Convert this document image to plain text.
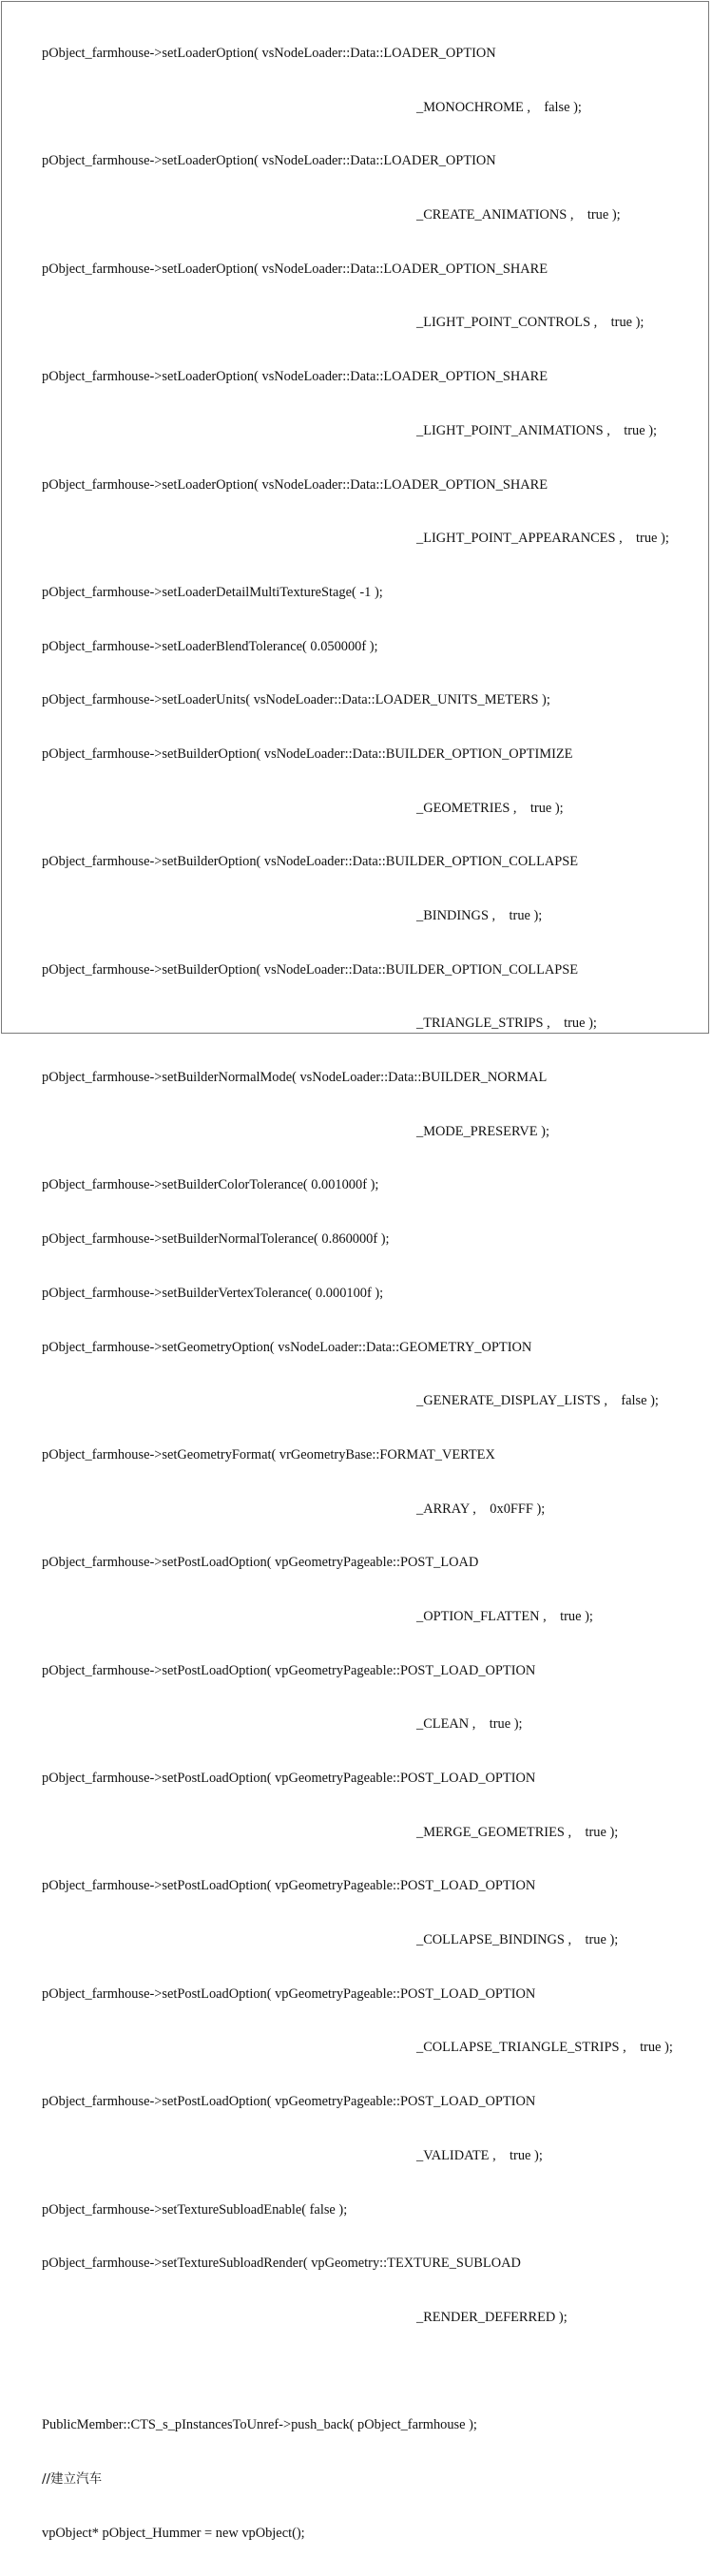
pObject_farmhouse->setLoaderOption( vsNodeLoader::Data::LOADER_OPTION

_MONOCHROME ,    false );

pObject_farmhouse->setLoaderOption( vsNodeLoader::Data::LOADER_OPTION

_CREATE_ANIMATIONS ,    true );

pObject_farmhouse->setLoaderOption( vsNodeLoader::Data::LOADER_OPTION_SHARE

_LIGHT_POINT_CONTROLS ,    true );

pObject_farmhouse->setLoaderOption( vsNodeLoader::Data::LOADER_OPTION_SHARE

_LIGHT_POINT_ANIMATIONS ,    true );

pObject_farmhouse->setLoaderOption( vsNodeLoader::Data::LOADER_OPTION_SHARE

_LIGHT_POINT_APPEARANCES ,    true );

pObject_farmhouse->setLoaderDetailMultiTextureStage( -1 );

pObject_farmhouse->setLoaderBlendTolerance( 0.050000f );

pObject_farmhouse->setLoaderUnits( vsNodeLoader::Data::LOADER_UNITS_METERS );

pObject_farmhouse->setBuilderOption( vsNodeLoader::Data::BUILDER_OPTION_OPTIMIZE

_GEOMETRIES ,    true );

pObject_farmhouse->setBuilderOption( vsNodeLoader::Data::BUILDER_OPTION_COLLAPSE

_BINDINGS ,    true );

pObject_farmhouse->setBuilderOption( vsNodeLoader::Data::BUILDER_OPTION_COLLAPSE

_TRIANGLE_STRIPS ,    true );

pObject_farmhouse->setBuilderNormalMode( vsNodeLoader::Data::BUILDER_NORMAL

_MODE_PRESERVE );

pObject_farmhouse->setBuilderColorTolerance( 0.001000f );

pObject_farmhouse->setBuilderNormalTolerance( 0.860000f );

pObject_farmhouse->setBuilderVertexTolerance( 0.000100f );

pObject_farmhouse->setGeometryOption( vsNodeLoader::Data::GEOMETRY_OPTION

_GENERATE_DISPLAY_LISTS ,    false );

pObject_farmhouse->setGeometryFormat( vrGeometryBase::FORMAT_VERTEX

_ARRAY ,    0x0FFF );

pObject_farmhouse->setPostLoadOption( vpGeometryPageable::POST_LOAD

_OPTION_FLATTEN ,    true );

pObject_farmhouse->setPostLoadOption( vpGeometryPageable::POST_LOAD_OPTION

_CLEAN ,    true );

pObject_farmhouse->setPostLoadOption( vpGeometryPageable::POST_LOAD_OPTION

_MERGE_GEOMETRIES ,    true );

pObject_farmhouse->setPostLoadOption( vpGeometryPageable::POST_LOAD_OPTION

_COLLAPSE_BINDINGS ,    true );

pObject_farmhouse->setPostLoadOption( vpGeometryPageable::POST_LOAD_OPTION

_COLLAPSE_TRIANGLE_STRIPS ,    true );

pObject_farmhouse->setPostLoadOption( vpGeometryPageable::POST_LOAD_OPTION

_VALIDATE ,    true );

pObject_farmhouse->setTextureSubloadEnable( false );

pObject_farmhouse->setTextureSubloadRender( vpGeometry::TEXTURE_SUBLOAD

_RENDER_DEFERRED );

PublicMember::CTS_s_pInstancesToUnref->push_back( pObject_farmhouse );

//建立汽车

vpObject* pObject_Hummer = new vpObject();
